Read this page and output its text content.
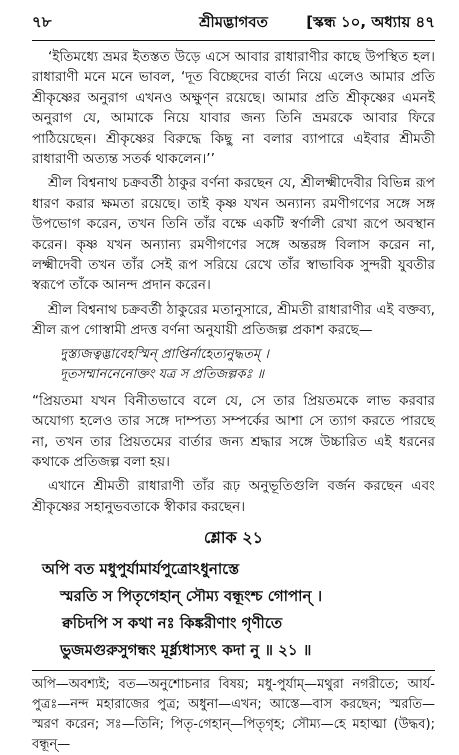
৭৮	শ্রীমদ্ভাগবত	[স্কন্ধ ১০, অধ্যায় ৪৭

‘ইতিমধ্যে ভ্রমর ইতস্তত উড়ে এসে আবার রাধারাণীর কাছে উপস্থিত হল। রাধারাণী মনে মনে ভাবল, ‘দূত বিচ্ছেদের বার্তা নিয়ে এলেও আমার প্রতি শ্রীকৃষ্ণের অনুরাগ এখনও অক্ষুণ্ন রয়েছে। আমার প্রতি শ্রীকৃষ্ণের এমনই অনুরাগ যে, আমাকে নিয়ে যাবার জন্য তিনি ভ্রমরকে আবার ফিরে পাঠিয়েছেন। শ্রীকৃষ্ণের বিরুদ্ধে কিছু না বলার ব্যাপারে এইবার শ্রীমতী রাধারাণী অত্যন্ত সতর্ক থাকলেন।’’

শ্রীল বিশ্বনাথ চক্রবর্তী ঠাকুর বর্ণনা করছেন যে, শ্রীলক্ষ্মীদেবীর বিভিন্ন রূপ ধারণ করার ক্ষমতা রয়েছে। তাই কৃষ্ণ যখন অন্যান্য রমণীগণের সঙ্গে সঙ্গ উপভোগ করেন, তখন তিনি তাঁর বক্ষে একটি স্বর্ণালী রেখা রূপে অবস্থান করেন। কৃষ্ণ যখন অন্যান্য রমণীগণের সঙ্গে অন্তরঙ্গ বিলাস করেন না, লক্ষ্মীদেবী তখন তাঁর সেই রূপ সরিয়ে রেখে তাঁর স্বাভাবিক সুন্দরী যুবতীর স্বরূপে তাঁকে আনন্দ প্রদান করেন।

শ্রীল বিশ্বনাথ চক্রবর্তী ঠাকুরের মতানুসারে, শ্রীমতী রাধারাণীর এই বক্তব্য, শ্রীল রূপ গোস্বামী প্রদত্ত বর্ণনা অনুযায়ী প্রতিজল্প প্রকাশ করছে—

দুস্ত্যজত্বদ্ভাবেহস্মিন্ প্রাপ্তির্নাহেত্যনুদ্ধতম্ ।
দূতসম্মাননেনোক্তং যত্র স প্রতিজল্পকঃ ॥

“প্রিয়তমা যখন বিনীতভাবে বলে যে, সে তার প্রিয়তমকে লাভ করবার অযোগ্য হলেও তার সঙ্গে দাম্পত্য সম্পর্কের আশা সে ত্যাগ করতে পারছে না, তখন তার প্রিয়তমের বার্তার জন্য শ্রদ্ধার সঙ্গে উচ্চারিত এই ধরনের কথাকে প্রতিজল্প বলা হয়।

এখানে শ্রীমতী রাধারাণী তাঁর রূঢ় অনুভূতিগুলি বর্জন করছেন এবং শ্রীকৃষ্ণের সহানুভবতাকে স্বীকার করছেন।

শ্লোক ২১
অপি বত মধুপুর্যামার্যপুত্রোঽধুনাস্তে
স্মরতি স পিতৃগেহান্ সৌম্য বন্ধূংশ্চ গোপান্ ।
ক্বচিদপি স কথা নঃ কিঙ্করীণাং গৃণীতে
ভুজমগুরুসুগন্ধং মূর্ধ্ন্যধাস্যৎ কদা নু ॥ ২১ ॥

অপি—অবশ্যই; বত—অনুশোচনার বিষয়; মধু-পুর্যাম্—মথুরা নগরীতে; আর্য-পুত্রঃ—নন্দ মহারাজের পুত্র; অধুনা—এখন; আস্তে—বাস করছেন; স্মরতি—স্মরণ করেন; সঃ—তিনি; পিতৃ-গেহান্—পিতৃগৃহ; সৌম্য—হে মহাত্মা (উদ্ধব); বন্ধূন্—
